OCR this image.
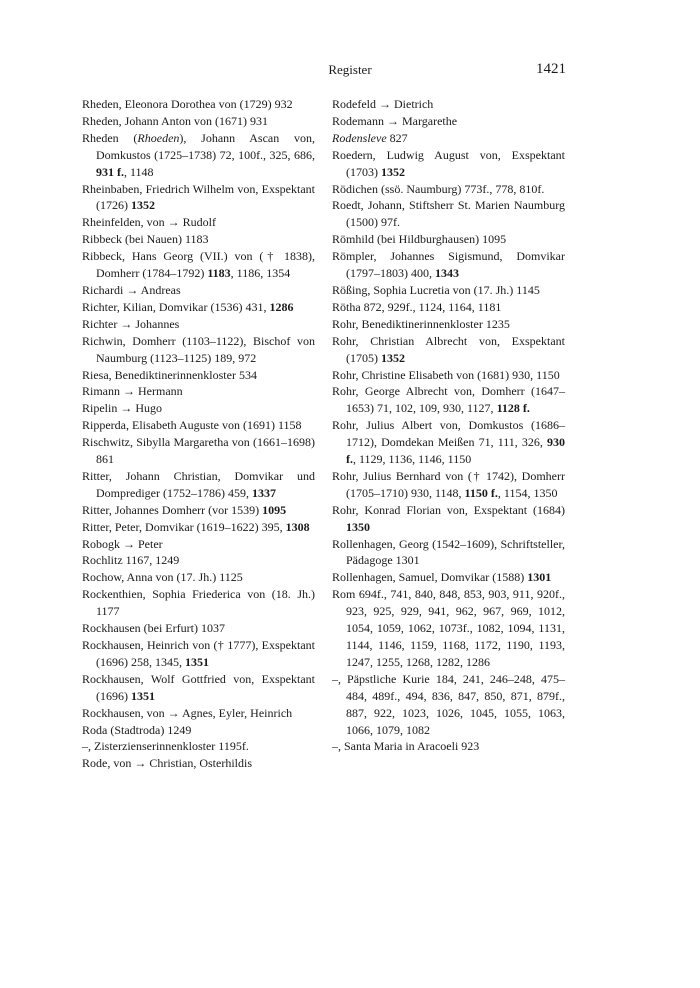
Register	1421

Rheden, Eleonora Dorothea von (1729) 932

Rheden, Johann Anton von (1671) 931

Rheden (Rhoeden), Johann Ascan von, Domkustos (1725–1738) 72, 100f., 325, 686, 931 f., 1148

Rheinbaben, Friedrich Wilhelm von, Exspektant (1726) 1352

Rheinfelden, von → Rudolf

Ribbeck (bei Nauen) 1183

Ribbeck, Hans Georg (VII.) von († 1838), Domherr (1784–1792) 1183, 1186, 1354

Richardi → Andreas

Richter, Kilian, Domvikar (1536) 431, 1286

Richter → Johannes

Richwin, Domherr (1103–1122), Bischof von Naumburg (1123–1125) 189, 972

Riesa, Benediktinerinnenkloster 534

Rimann → Hermann

Ripelin → Hugo

Ripperda, Elisabeth Auguste von (1691) 1158

Rischwitz, Sibylla Margaretha von (1661–1698) 861

Ritter, Johann Christian, Domvikar und Domprediger (1752–1786) 459, 1337

Ritter, Johannes Domherr (vor 1539) 1095

Ritter, Peter, Domvikar (1619–1622) 395, 1308

Robogk → Peter

Rochlitz 1167, 1249

Rochow, Anna von (17. Jh.) 1125

Rockenthien, Sophia Friederica von (18. Jh.) 1177

Rockhausen (bei Erfurt) 1037

Rockhausen, Heinrich von († 1777), Exspektant (1696) 258, 1345, 1351

Rockhausen, Wolf Gottfried von, Exspektant (1696) 1351

Rockhausen, von → Agnes, Eyler, Heinrich

Roda (Stadtroda) 1249

–, Zisterzienserinnenkloster 1195f.

Rode, von → Christian, Osterhildis

Rodefeld → Dietrich

Rodemann → Margarethe

Rodensleve 827

Roedern, Ludwig August von, Exspektant (1703) 1352

Rödichen (ssö. Naumburg) 773f., 778, 810f.

Roedt, Johann, Stiftsherr St. Marien Naumburg (1500) 97f.

Römhild (bei Hildburghausen) 1095

Römpler, Johannes Sigismund, Domvikar (1797–1803) 400, 1343

Rößing, Sophia Lucretia von (17. Jh.) 1145

Rötha 872, 929f., 1124, 1164, 1181

Rohr, Benediktinerinnenkloster 1235

Rohr, Christian Albrecht von, Exspektant (1705) 1352

Rohr, Christine Elisabeth von (1681) 930, 1150

Rohr, George Albrecht von, Domherr (1647–1653) 71, 102, 109, 930, 1127, 1128 f.

Rohr, Julius Albert von, Domkustos (1686–1712), Domdekan Meißen 71, 111, 326, 930 f., 1129, 1136, 1146, 1150

Rohr, Julius Bernhard von († 1742), Domherr (1705–1710) 930, 1148, 1150 f., 1154, 1350

Rohr, Konrad Florian von, Exspektant (1684) 1350

Rollenhagen, Georg (1542–1609), Schriftsteller, Pädagoge 1301

Rollenhagen, Samuel, Domvikar (1588) 1301

Rom 694f., 741, 840, 848, 853, 903, 911, 920f., 923, 925, 929, 941, 962, 967, 969, 1012, 1054, 1059, 1062, 1073f., 1082, 1094, 1131, 1144, 1146, 1159, 1168, 1172, 1190, 1193, 1247, 1255, 1268, 1282, 1286

–, Päpstliche Kurie 184, 241, 246–248, 475–484, 489f., 494, 836, 847, 850, 871, 879f., 887, 922, 1023, 1026, 1045, 1055, 1063, 1066, 1079, 1082

–, Santa Maria in Aracoeli 923
